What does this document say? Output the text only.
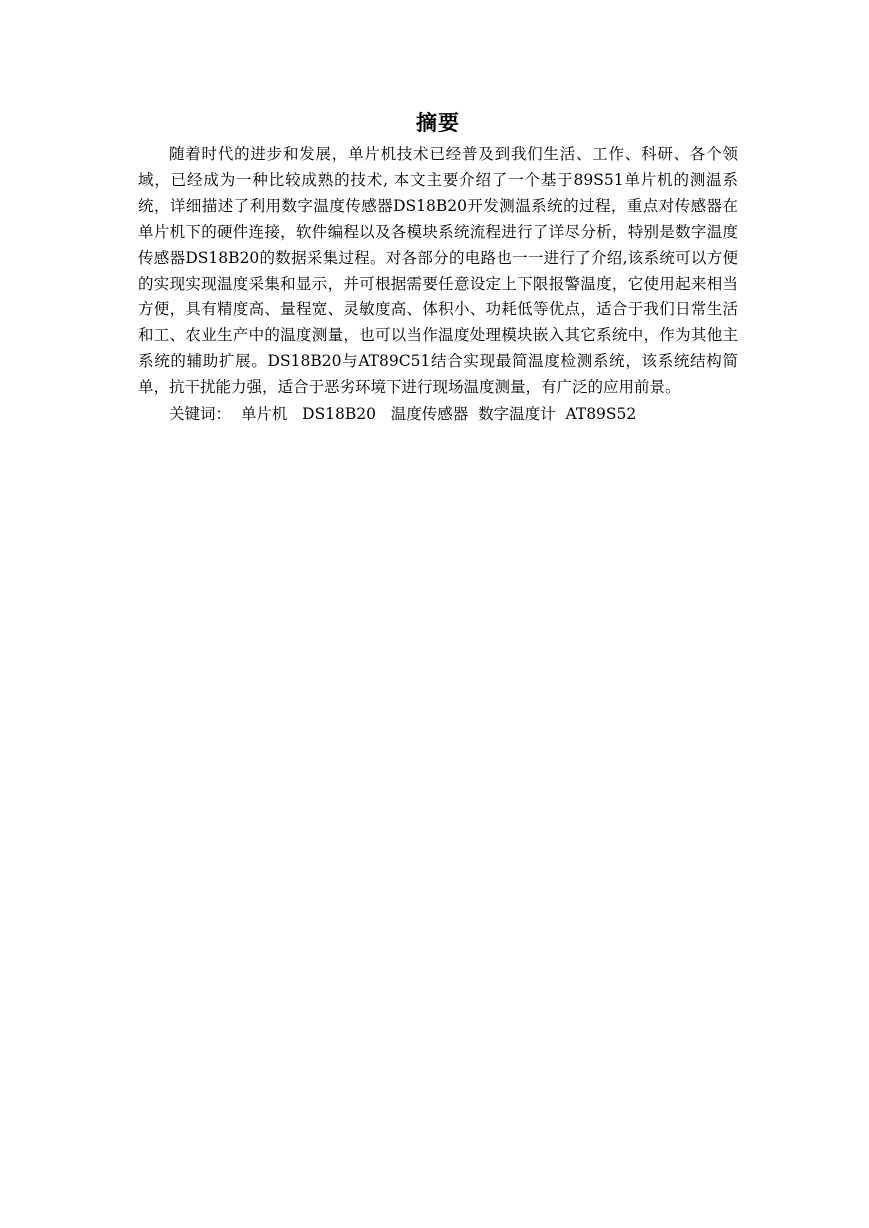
摘要

随着时代的进步和发展，单片机技术已经普及到我们生活、工作、科研、各个领域，已经成为一种比较成熟的技术, 本文主要介绍了一个基于89S51单片机的测温系统，详细描述了利用数字温度传感器DS18B20开发测温系统的过程，重点对传感器在单片机下的硬件连接，软件编程以及各模块系统流程进行了详尽分析，特别是数字温度传感器DS18B20的数据采集过程。对各部分的电路也一一进行了介绍,该系统可以方便的实现实现温度采集和显示，并可根据需要任意设定上下限报警温度，它使用起来相当方便，具有精度高、量程宽、灵敏度高、体积小、功耗低等优点，适合于我们日常生活和工、农业生产中的温度测量，也可以当作温度处理模块嵌入其它系统中，作为其他主系统的辅助扩展。DS18B20与AT89C51结合实现最简温度检测系统，该系统结构简单，抗干扰能力强，适合于恶劣环境下进行现场温度测量，有广泛的应用前景。

关键词：  单片机   DS18B20   温度传感器  数字温度计  AT89S52
